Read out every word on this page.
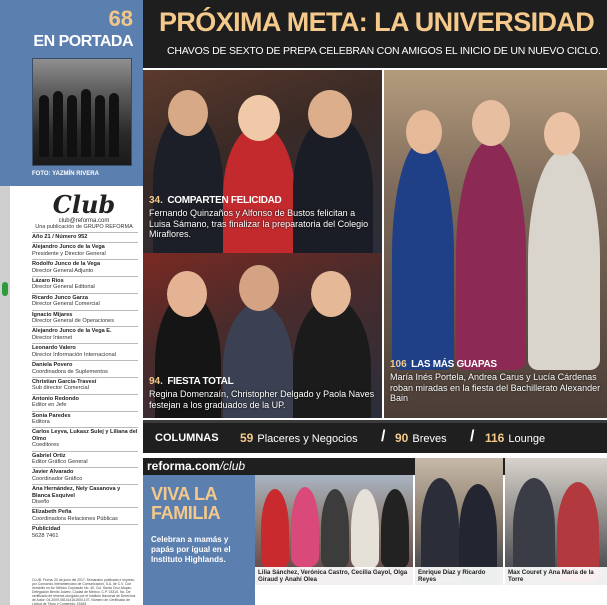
68
EN PORTADA
FOTO: YAZMÍN RIVERA
Club
club@reforma.com
Una publicación de GRUPO REFORMA
Año 21 / Número 952
Alejandro Junco de la Vega
Presidente y Director General
Rodolfo Junco de la Vega
Director General Adjunto
Lázaro Ríos
Director General Editorial
Ricardo Junco Garza
Director General Comercial
Ignacio Mijares
Director General de Operaciones
Alejandro Junco de la Vega E.
Director Internet
Leonardo Valero
Director Información Internacional
Daniela Povero
Coordinadora de Suplementos
Christian García-Travesí
Sub director Comercial
Antonio Redondo
Editor en Jefe
Sonia Paredes
Editora
Carlos Leyva, Lukasz Sulej y Liliana del Olmo
Coeditores
Gabriel Ortiz
Editor Gráfico General
Javier Alvarado
Coordinador Gráfico
Ana Hernández, Nely Casanova y Blanca Esquivel
Diseño
Elizabeth Peña
Coordinadora Relaciones Públicas
Publicidad
5628 7461
CLUB. Fecha: 20 de junio del 2017. Semanario publicado e impreso por Consorcio Interamericano de Comunicación, S.A. de C.V. Con domicilio en Av. México Coyoacán No. 40, Col. Santa Cruz Atoyac, Delegación Benito Juárez, Ciudad de México. C.P. 03310. No. De certificado de reserva otorgado por el Instituto Nacional de Derechos de Autor: 04-2009-081414161500-107. Número de Certificado de Licitud de Título y Contenido: 15483
PRÓXIMA META: LA UNIVERSIDAD
CHAVOS DE SEXTO DE PREPA CELEBRAN CON AMIGOS EL INICIO DE UN NUEVO CICLO.
34. COMPARTEN FELICIDAD
Fernando Quinzaños y Alfonso de Bustos felicitan a Luisa Sámano, tras finalizar la preparatoria del Colegio Miraflores.
94. FIESTA TOTAL
Regina Domenzaín, Christopher Delgado y Paola Naves festejan a los graduados de la UP.
106 LAS MÁS GUAPAS
María Inés Portela, Andrea Carus y Lucía Cárdenas roban miradas en la fiesta del Bachillerato Alexander Bain
COLUMNAS 59 Placeres y Negocios / 90 Breves / 116 Lounge
reforma.com/club
VIVA LA
FAMILIA
Celebran a mamás y papás por igual en el Instituto Highlands.
Lilia Sánchez, Verónica Castro, Cecilia Gayol, Olga Giraud y Anahí Olea
Enrique Díaz y Ricardo Reyes
Max Couret y Ana María de la Torre
